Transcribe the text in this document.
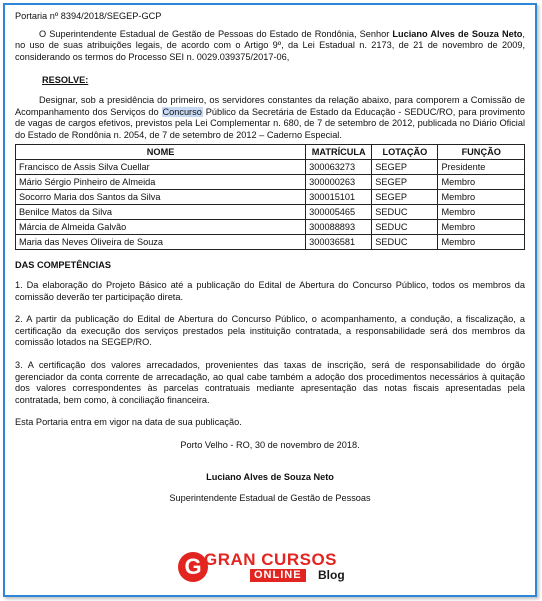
Portaria nº 8394/2018/SEGEP-GCP

O Superintendente Estadual de Gestão de Pessoas do Estado de Rondônia, Senhor Luciano Alves de Souza Neto, no uso de suas atribuições legais, de acordo com o Artigo 9º, da Lei Estadual n. 2173, de 21 de novembro de 2009, considerando os termos do Processo SEI n. 0029.039375/2017-06,

RESOLVE:

Designar, sob a presidência do primeiro, os servidores constantes da relação abaixo, para comporem a Comissão de Acompanhamento dos Serviços do Concurso Público da Secretária de Estado da Educação - SEDUC/RO, para provimento de vagas de cargos efetivos, previstos pela Lei Complementar n. 680, de 7 de setembro de 2012, publicada no Diário Oficial do Estado de Rondônia n. 2054, de 7 de setembro de 2012 – Caderno Especial.

NOME	MATRÍCULA	LOTAÇÃO	FUNÇÃO
Francisco de Assis Silva Cuellar	300063273	SEGEP	Presidente
Mário Sérgio Pinheiro de Almeida	300000263	SEGEP	Membro
Socorro Maria dos Santos da Silva	300015101	SEGEP	Membro
Benilce Matos da Silva	300005465	SEDUC	Membro
Márcia de Almeida Galvão	300088893	SEDUC	Membro
Maria das Neves Oliveira de Souza	300036581	SEDUC	Membro

DAS COMPETÊNCIAS

1. Da elaboração do Projeto Básico até a publicação do Edital de Abertura do Concurso Público, todos os membros da comissão deverão ter participação direta.

2. A partir da publicação do Edital de Abertura do Concurso Público, o acompanhamento, a condução, a fiscalização, a certificação da execução dos serviços prestados pela instituição contratada, a responsabilidade será dos membros da comissão lotados na SEGEP/RO.

3. A certificação dos valores arrecadados, provenientes das taxas de inscrição, será de responsabilidade do órgão gerenciador da conta corrente de arrecadação, ao qual cabe também a adoção dos procedimentos necessários à quitação dos valores correspondentes às parcelas contratuais mediante apresentação das notas fiscais apresentadas pela contratada, bem como, à conciliação financeira.

Esta Portaria entra em vigor na data de sua publicação.

Porto Velho - RO, 30 de novembro de 2018.

Luciano Alves de Souza Neto

Superintendente Estadual de Gestão de Pessoas

G GRAN CURSOS
ONLINE	Blog
